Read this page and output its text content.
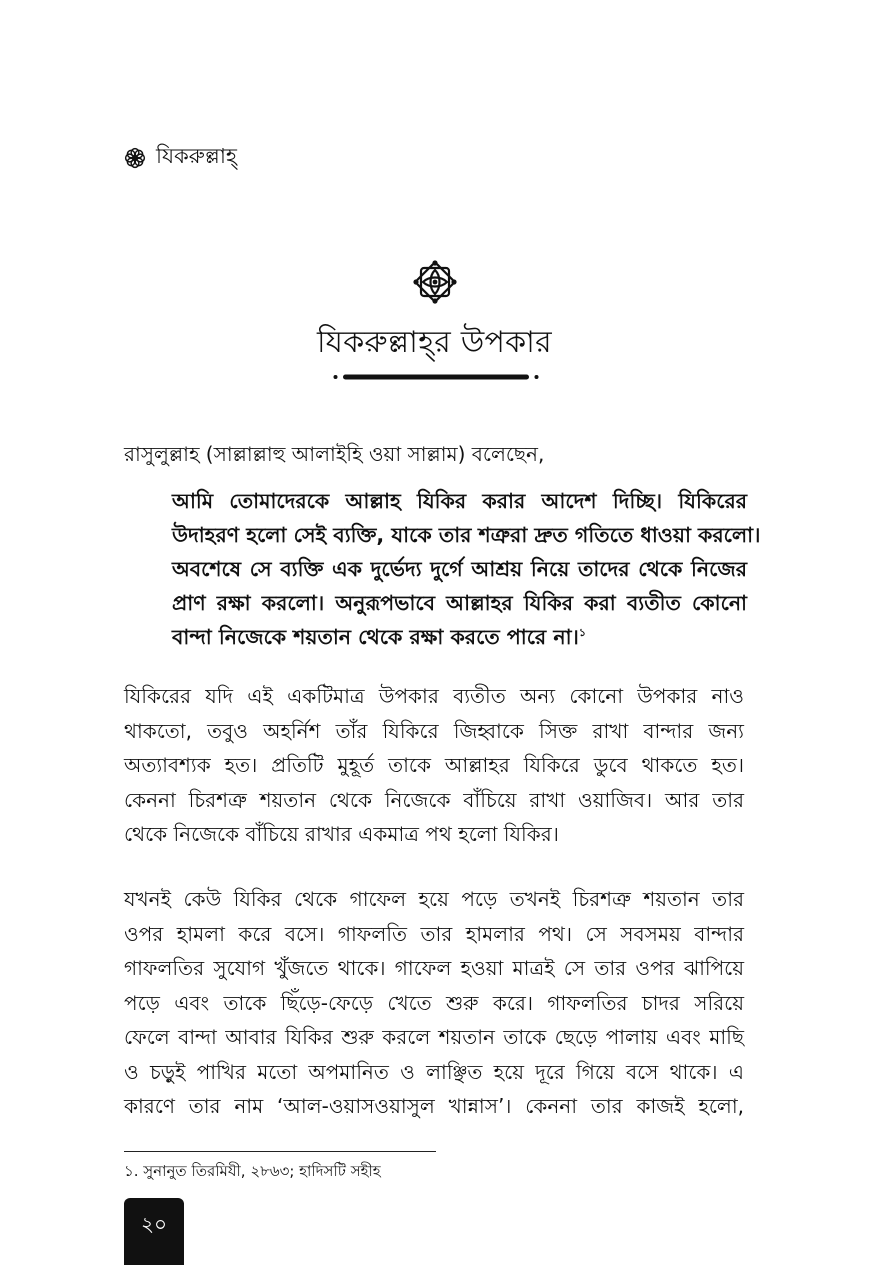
যিকরুল্লাহ্
যিকরুল্লাহ্‌র উপকার
রাসুলুল্লাহ (সাল্লাল্লাহু আলাইহি ওয়া সাল্লাম) বলেছেন,
আমি তোমাদেরকে আল্লাহ যিকির করার আদেশ দিচ্ছি। যিকিরের
উদাহরণ হলো সেই ব্যক্তি, যাকে তার শত্রুরা দ্রুত গতিতে ধাওয়া করলো।
অবশেষে সে ব্যক্তি এক দুর্ভেদ্য দুর্গে আশ্রয় নিয়ে তাদের থেকে নিজের
প্রাণ রক্ষা করলো। অনুরূপভাবে আল্লাহর যিকির করা ব্যতীত কোনো
বান্দা নিজেকে শয়তান থেকে রক্ষা করতে পারে না।$^১$
যিকিরের যদি এই একটিমাত্র উপকার ব্যতীত অন্য কোনো উপকার নাও
থাকতো, তবুও অহর্নিশ তাঁর যিকিরে জিহ্বাকে সিক্ত রাখা বান্দার জন্য
অত্যাবশ্যক হত। প্রতিটি মুহূর্ত তাকে আল্লাহর যিকিরে ডুবে থাকতে হত।
কেননা চিরশত্রু শয়তান থেকে নিজেকে বাঁচিয়ে রাখা ওয়াজিব। আর তার
থেকে নিজেকে বাঁচিয়ে রাখার একমাত্র পথ হলো যিকির।
যখনই কেউ যিকির থেকে গাফেল হয়ে পড়ে তখনই চিরশত্রু শয়তান তার
ওপর হামলা করে বসে। গাফলতি তার হামলার পথ। সে সবসময় বান্দার
গাফলতির সুযোগ খুঁজতে থাকে। গাফেল হওয়া মাত্রই সে তার ওপর ঝাপিয়ে
পড়ে এবং তাকে ছিঁড়ে-ফেড়ে খেতে শুরু করে। গাফলতির চাদর সরিয়ে
ফেলে বান্দা আবার যিকির শুরু করলে শয়তান তাকে ছেড়ে পালায় এবং মাছি
ও চড়ুই পাখির মতো অপমানিত ও লাঞ্ছিত হয়ে দূরে গিয়ে বসে থাকে। এ
কারণে তার নাম ‘আল-ওয়াসওয়াসুল খান্নাস’। কেননা তার কাজই হলো,
১. সুনানুত তিরমিযী, ২৮৬৩; হাদিসটি সহীহ
২০
